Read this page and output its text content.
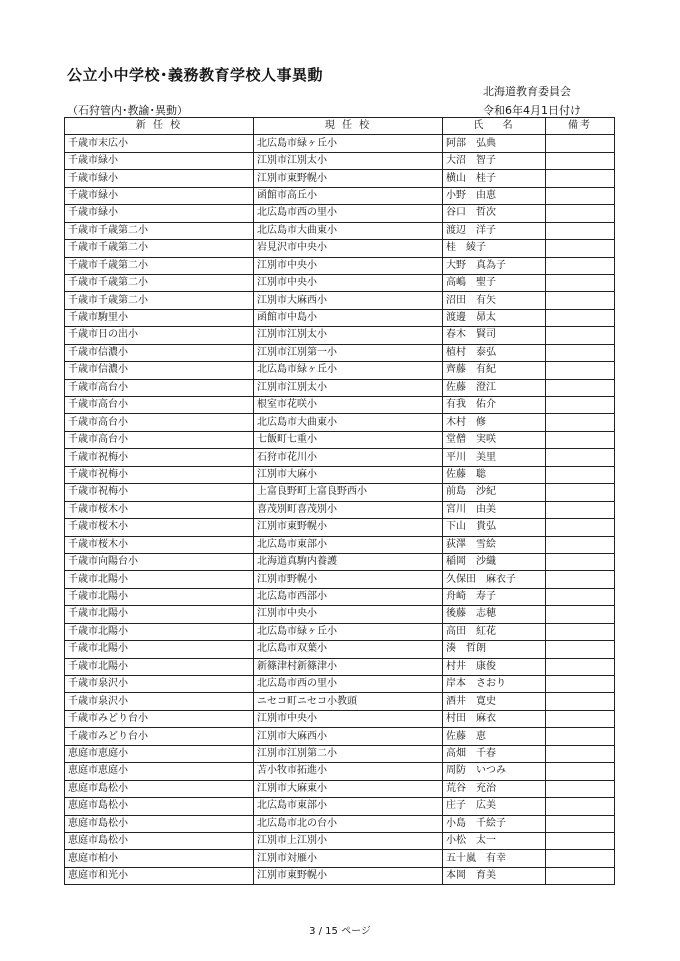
公立小中学校･義務教育学校人事異動
北海道教育委員会
（石狩管内･教諭･異動）	令和6年4月1日付け
新 任 校	現 任 校	氏　 名	備考
千歳市末広小	北広島市緑ヶ丘小	阿部　弘典	
千歳市緑小	江別市江別太小	大沼　智子	
千歳市緑小	江別市東野幌小	横山　桂子	
千歳市緑小	函館市高丘小	小野　由恵	
千歳市緑小	北広島市西の里小	谷口　哲次	
千歳市千歳第二小	北広島市大曲東小	渡辺　洋子	
千歳市千歳第二小	岩見沢市中央小	桂　綾子	
千歳市千歳第二小	江別市中央小	大野　真為子	
千歳市千歳第二小	江別市中央小	高嶋　聖子	
千歳市千歳第二小	江別市大麻西小	沼田　有矢	
千歳市駒里小	函館市中島小	渡邊　昴太	
千歳市日の出小	江別市江別太小	春木　賢司	
千歳市信濃小	江別市江別第一小	植村　泰弘	
千歳市信濃小	北広島市緑ヶ丘小	齊藤　有紀	
千歳市高台小	江別市江別太小	佐藤　澄江	
千歳市高台小	根室市花咲小	有我　佑介	
千歳市高台小	北広島市大曲東小	木村　修	
千歳市高台小	七飯町七重小	堂僧　実咲	
千歳市祝梅小	石狩市花川小	平川　美里	
千歳市祝梅小	江別市大麻小	佐藤　聡	
千歳市祝梅小	上富良野町上富良野西小	前島　沙紀	
千歳市桜木小	喜茂別町喜茂別小	宮川　由美	
千歳市桜木小	江別市東野幌小	下山　貴弘	
千歳市桜木小	北広島市東部小	荻澤　雪絵	
千歳市向陽台小	北海道真駒内養護	稲岡　沙織	
千歳市北陽小	江別市野幌小	久保田　麻衣子	
千歳市北陽小	北広島市西部小	舟崎　寿子	
千歳市北陽小	江別市中央小	後藤　志穂	
千歳市北陽小	北広島市緑ヶ丘小	高田　紅花	
千歳市北陽小	北広島市双葉小	湊　哲朗	
千歳市北陽小	新篠津村新篠津小	村井　康俊	
千歳市泉沢小	北広島市西の里小	岸本　さおり	
千歳市泉沢小	ニセコ町ニセコ小教頭	酒井　寛史	
千歳市みどり台小	江別市中央小	村田　麻衣	
千歳市みどり台小	江別市大麻西小	佐藤　恵	
恵庭市恵庭小	江別市江別第二小	高畑　千春	
恵庭市恵庭小	苫小牧市拓進小	周防　いつみ	
恵庭市島松小	江別市大麻東小	荒谷　充治	
恵庭市島松小	北広島市東部小	庄子　広美	
恵庭市島松小	北広島市北の台小	小島　千絵子	
恵庭市島松小	江別市上江別小	小松　太一	
恵庭市柏小	江別市対雁小	五十嵐　有幸	
恵庭市和光小	江別市東野幌小	本岡　育美	
3 / 15 ページ
